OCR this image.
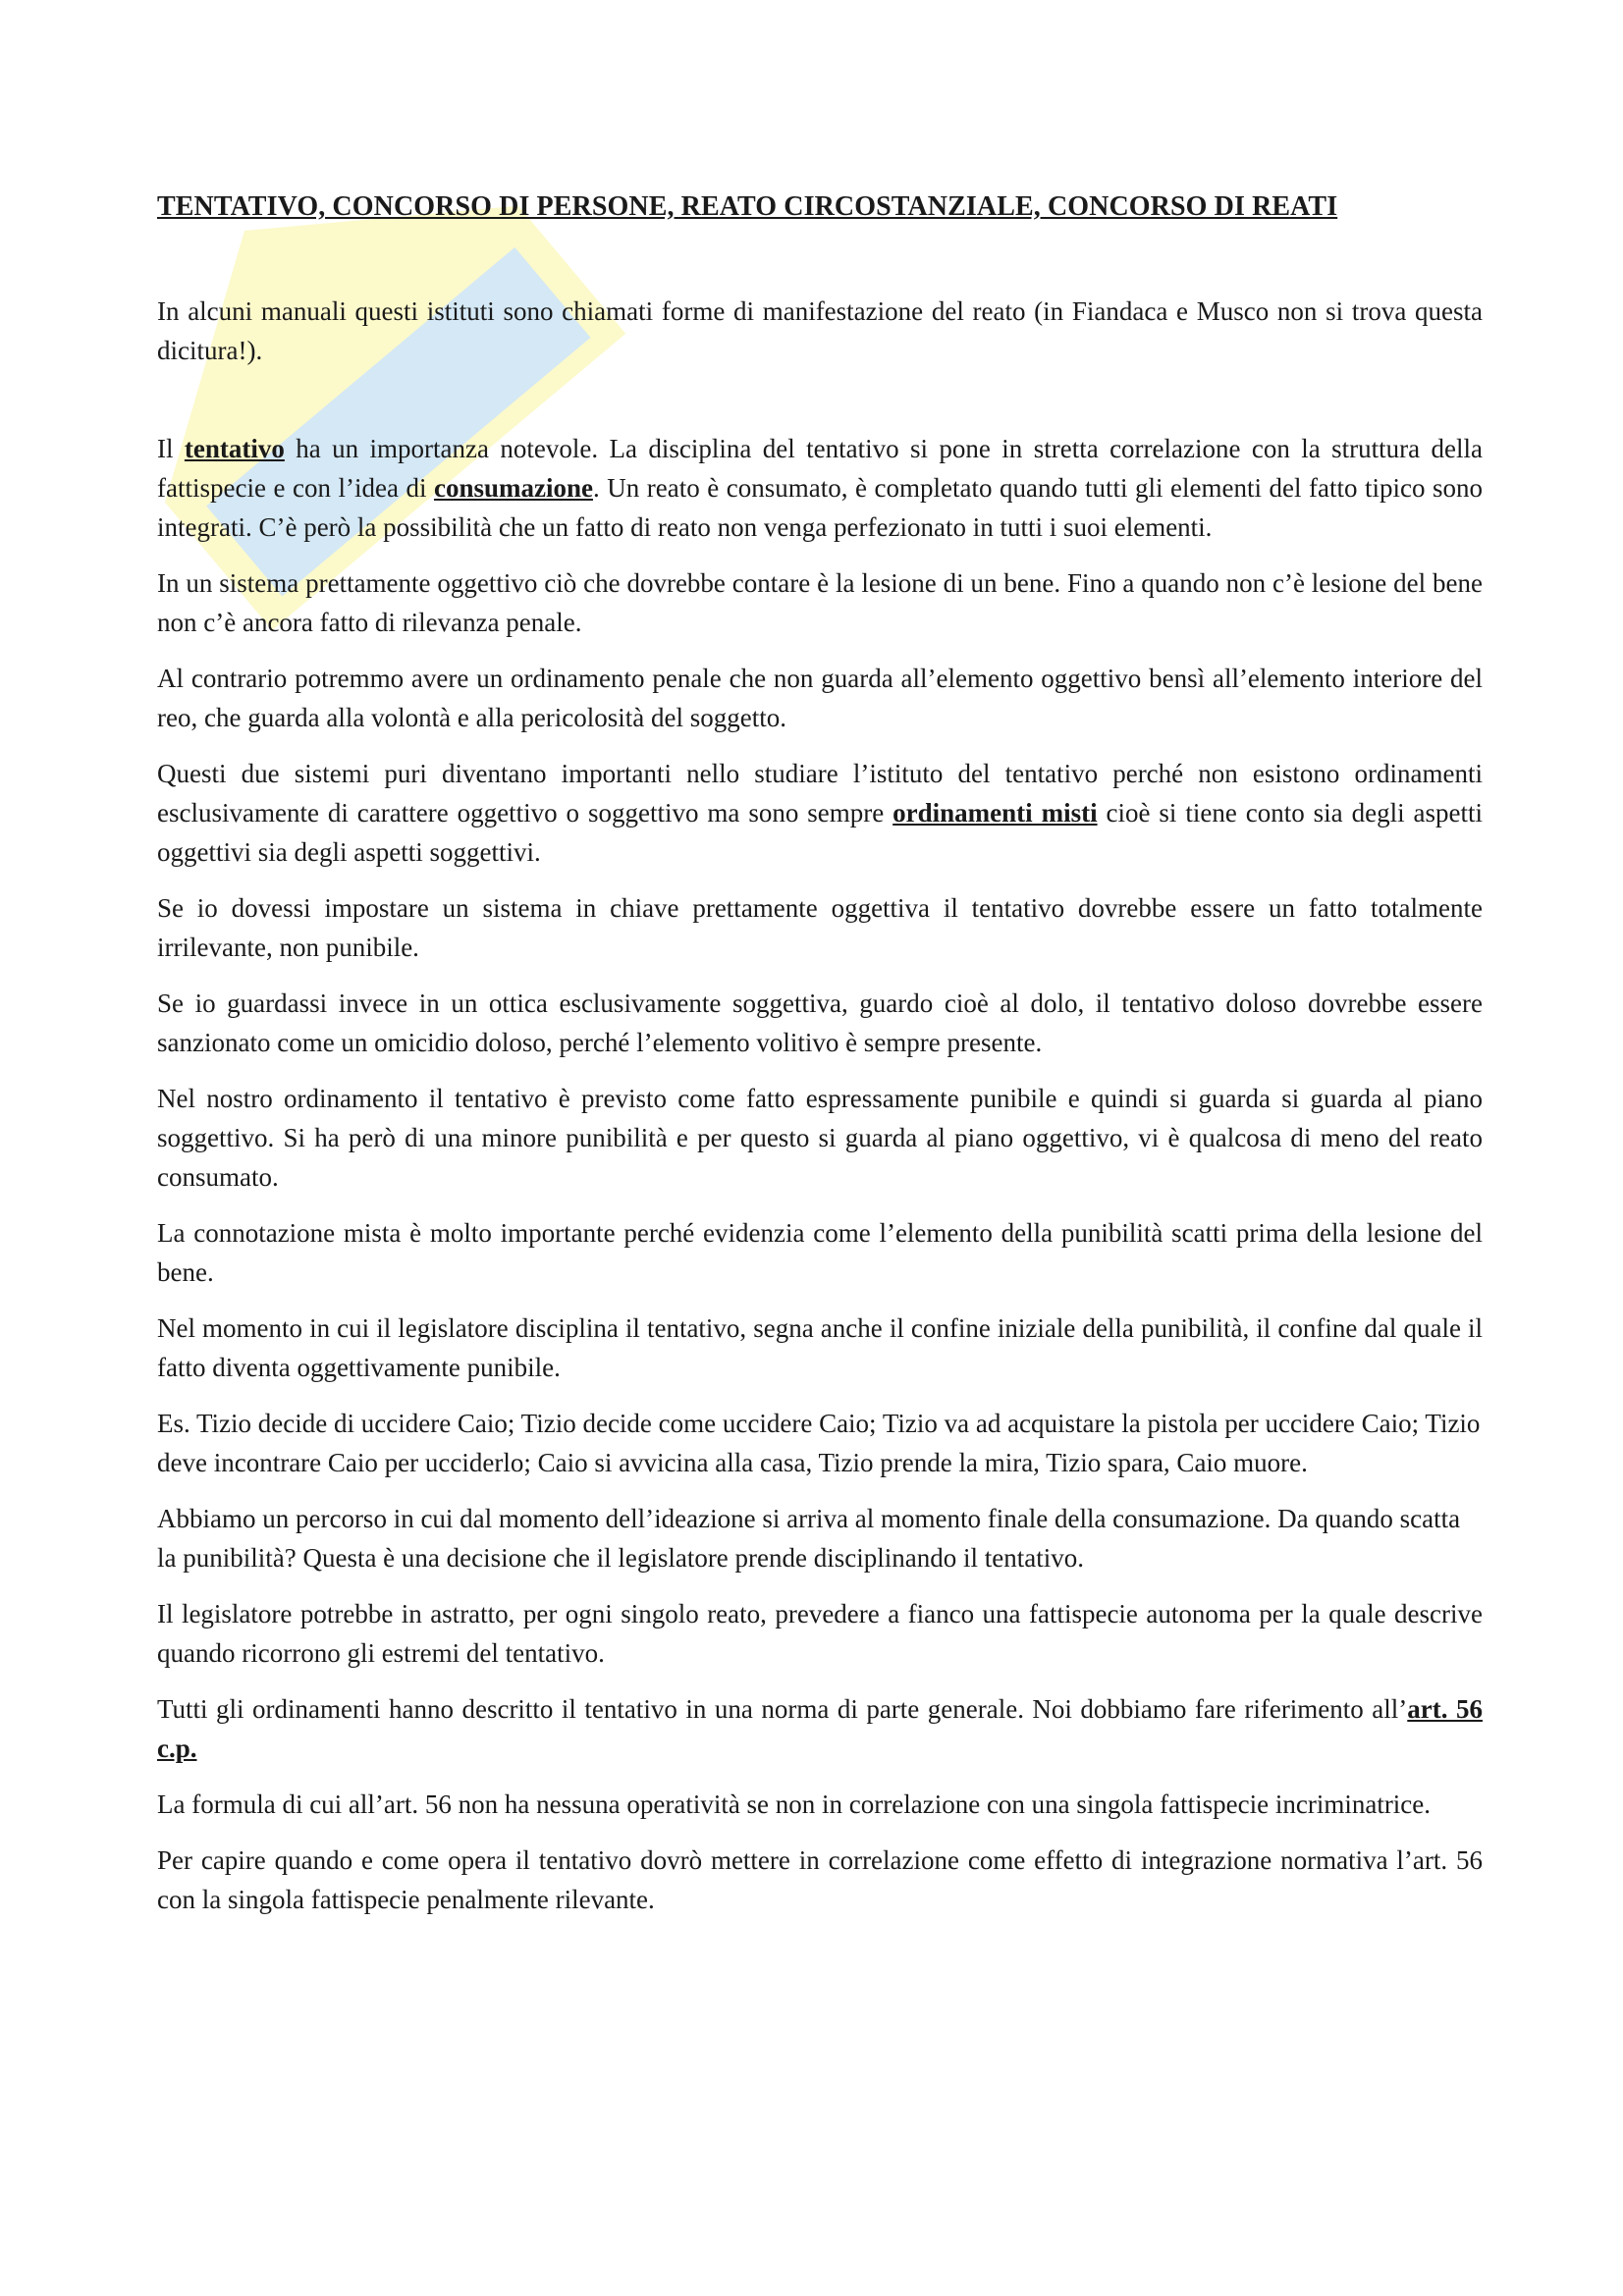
TENTATIVO, CONCORSO DI PERSONE, REATO CIRCOSTANZIALE, CONCORSO DI REATI

In alcuni manuali questi istituti sono chiamati forme di manifestazione del reato (in Fiandaca e Musco non si trova questa dicitura!).

Il tentativo ha un importanza notevole. La disciplina del tentativo si pone in stretta correlazione con la struttura della fattispecie e con l’idea di consumazione. Un reato è consumato, è completato quando tutti gli elementi del fatto tipico sono integrati. C’è però la possibilità che un fatto di reato non venga perfezionato in tutti i suoi elementi.

In un sistema prettamente oggettivo ciò che dovrebbe contare è la lesione di un bene. Fino a quando non c’è lesione del bene non c’è ancora fatto di rilevanza penale.

Al contrario potremmo avere un ordinamento penale che non guarda all’elemento oggettivo bensì all’elemento interiore del reo, che guarda alla volontà e alla pericolosità del soggetto.

Questi due sistemi puri diventano importanti nello studiare l’istituto del tentativo perché non esistono ordinamenti esclusivamente di carattere oggettivo o soggettivo ma sono sempre ordinamenti misti cioè si tiene conto sia degli aspetti oggettivi sia degli aspetti soggettivi.

Se io dovessi impostare un sistema in chiave prettamente oggettiva il tentativo dovrebbe essere un fatto totalmente irrilevante, non punibile.

Se io guardassi invece in un ottica esclusivamente soggettiva, guardo cioè al dolo, il tentativo doloso dovrebbe essere sanzionato come un omicidio doloso, perché l’elemento volitivo è sempre presente.

Nel nostro ordinamento il tentativo è previsto come fatto espressamente punibile e quindi si guarda si guarda al piano soggettivo. Si ha però di una minore punibilità e per questo si guarda al piano oggettivo, vi è qualcosa di meno del reato consumato.

La connotazione mista è molto importante perché evidenzia come l’elemento della punibilità scatti prima della lesione del bene.

Nel momento in cui il legislatore disciplina il tentativo, segna anche il confine iniziale della punibilità, il confine dal quale il fatto diventa oggettivamente punibile.

Es. Tizio decide di uccidere Caio; Tizio decide come uccidere Caio; Tizio va ad acquistare la pistola per uccidere Caio; Tizio deve incontrare Caio per ucciderlo; Caio si avvicina alla casa, Tizio prende la mira, Tizio spara, Caio muore.

Abbiamo un percorso in cui dal momento dell’ideazione si arriva al momento finale della consumazione. Da quando scatta la punibilità? Questa è una decisione che il legislatore prende disciplinando il tentativo.

Il legislatore potrebbe in astratto, per ogni singolo reato, prevedere a fianco una fattispecie autonoma per la quale descrive quando ricorrono gli estremi del tentativo.

Tutti gli ordinamenti hanno descritto il tentativo in una norma di parte generale. Noi dobbiamo fare riferimento all’art. 56 c.p.

La formula di cui all’art. 56 non ha nessuna operatività se non in correlazione con una singola fattispecie incriminatrice.

Per capire quando e come opera il tentativo dovrò mettere in correlazione come effetto di integrazione normativa l’art. 56 con la singola fattispecie penalmente rilevante.
